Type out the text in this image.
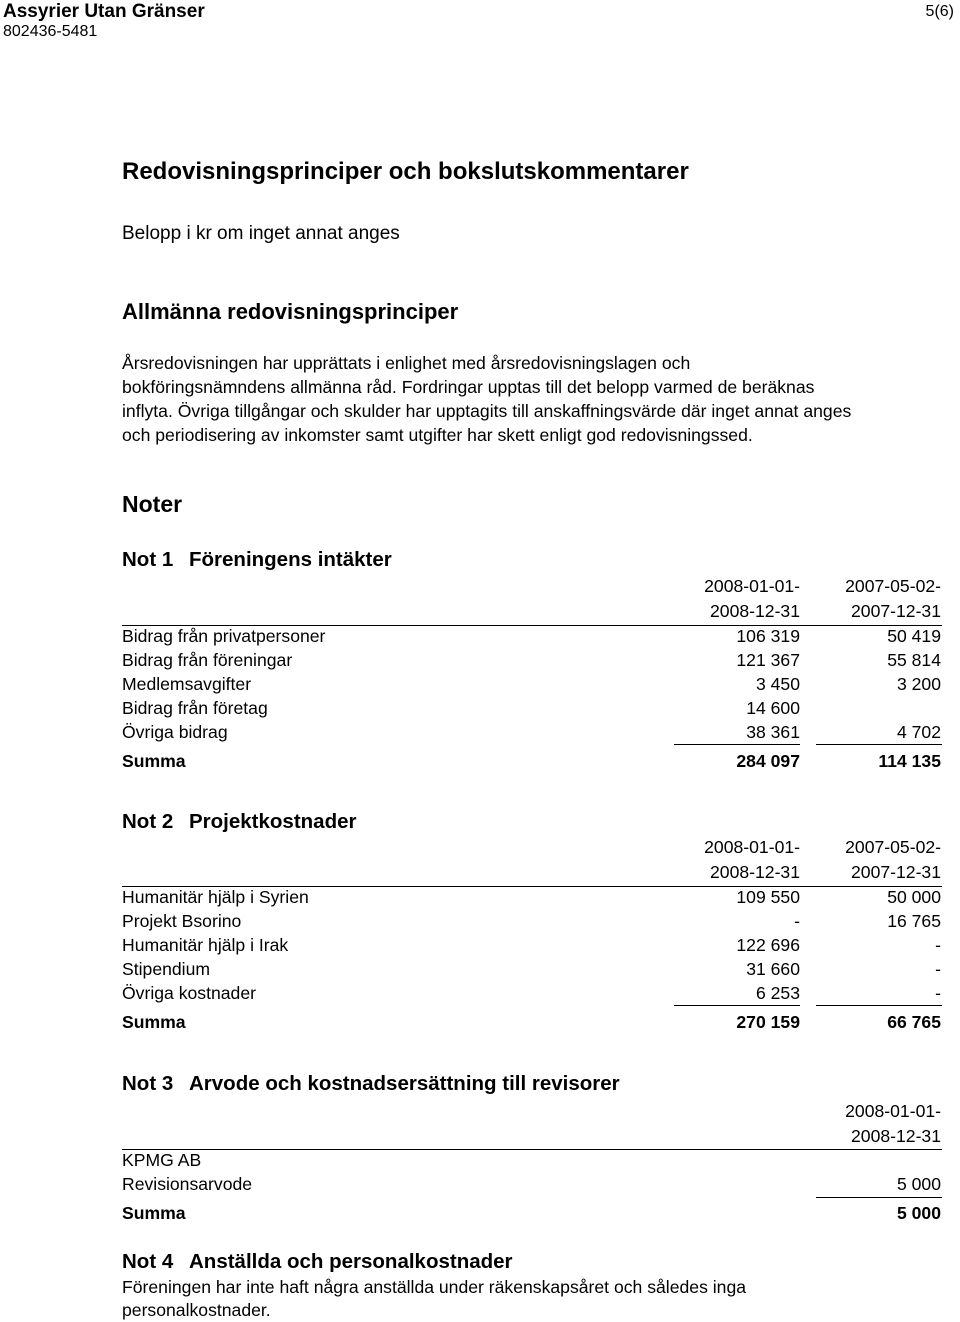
Assyrier Utan Gränser
802436-5481
5(6)
Redovisningsprinciper och bokslutskommentarer
Belopp i kr om inget annat anges
Allmänna redovisningsprinciper
Årsredovisningen har upprättats i enlighet med årsredovisningslagen och
bokföringsnämndens allmänna råd. Fordringar upptas till det belopp varmed de beräknas
inflyta. Övriga tillgångar och skulder har upptagits till anskaffningsvärde där inget annat anges
och periodisering av inkomster samt utgifter har skett enligt god redovisningssed.
Noter
Not 1 Föreningens intäkter
2008-01-01-
2008-12-31
2007-05-02-
2007-12-31
Bidrag från privatpersoner	106 319	50 419
Bidrag från föreningar	121 367	55 814
Medlemsavgifter	3 450	3 200
Bidrag från företag	14 600
Övriga bidrag	38 361	4 702
Summa	284 097	114 135
Not 2 Projektkostnader
2008-01-01-
2008-12-31
2007-05-02-
2007-12-31
Humanitär hjälp i Syrien	109 550	50 000
Projekt Bsorino	-	16 765
Humanitär hjälp i Irak	122 696	-
Stipendium	31 660	-
Övriga kostnader	6 253	-
Summa	270 159	66 765
Not 3 Arvode och kostnadsersättning till revisorer
2008-01-01-
2008-12-31
KPMG AB
Revisionsarvode	5 000
Summa	5 000
Not 4 Anställda och personalkostnader
Föreningen har inte haft några anställda under räkenskapsåret och således inga
personalkostnader.
